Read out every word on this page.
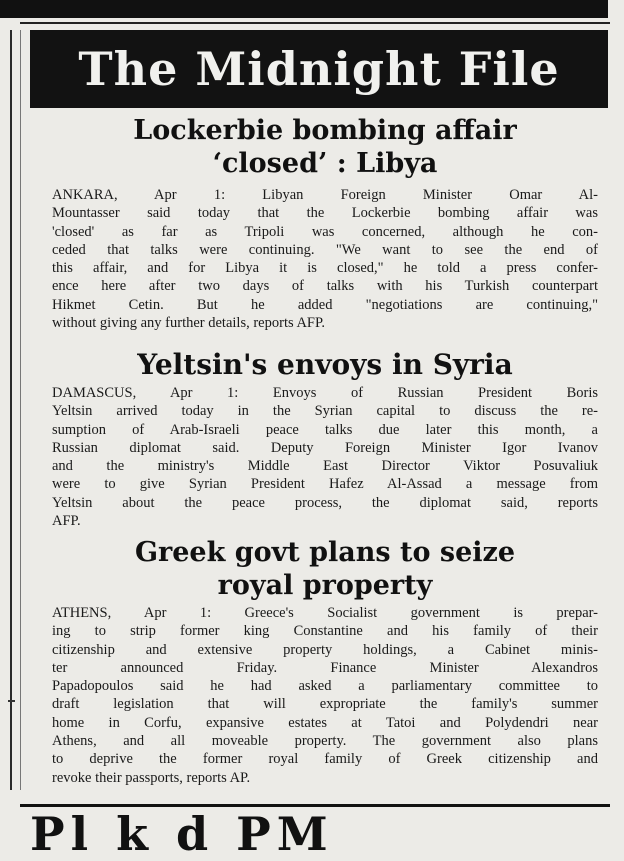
The Midnight File
Lockerbie bombing affair
‘closed’ : Libya

ANKARA, Apr 1: Libyan Foreign Minister Omar Al-
Mountasser said today that the Lockerbie bombing affair was
'closed' as far as Tripoli was concerned, although he con-
ceded that talks were continuing. "We want to see the end of
this affair, and for Libya it is closed," he told a press confer-
ence here after two days of talks with his Turkish counterpart
Hikmet Cetin. But he added "negotiations are continuing,"
without giving any further details, reports AFP.

Yeltsin's envoys in Syria

DAMASCUS, Apr 1: Envoys of Russian President Boris
Yeltsin arrived today in the Syrian capital to discuss the re-
sumption of Arab-Israeli peace talks due later this month, a
Russian diplomat said. Deputy Foreign Minister Igor Ivanov
and the ministry's Middle East Director Viktor Posuvaliuk
were to give Syrian President Hafez Al-Assad a message from
Yeltsin about the peace process, the diplomat said, reports
AFP.

Greek govt plans to seize
royal property

ATHENS, Apr 1: Greece's Socialist government is prepar-
ing to strip former king Constantine and his family of their
citizenship and extensive property holdings, a Cabinet minis-
ter announced Friday. Finance Minister Alexandros
Papadopoulos said he had asked a parliamentary committee to
draft legislation that will expropriate the family's summer
home in Corfu, expansive estates at Tatoi and Polydendri near
Athens, and all moveable property. The government also plans
to deprive the former royal family of Greek citizenship and
revoke their passports, reports AP.

Pl k d PM
